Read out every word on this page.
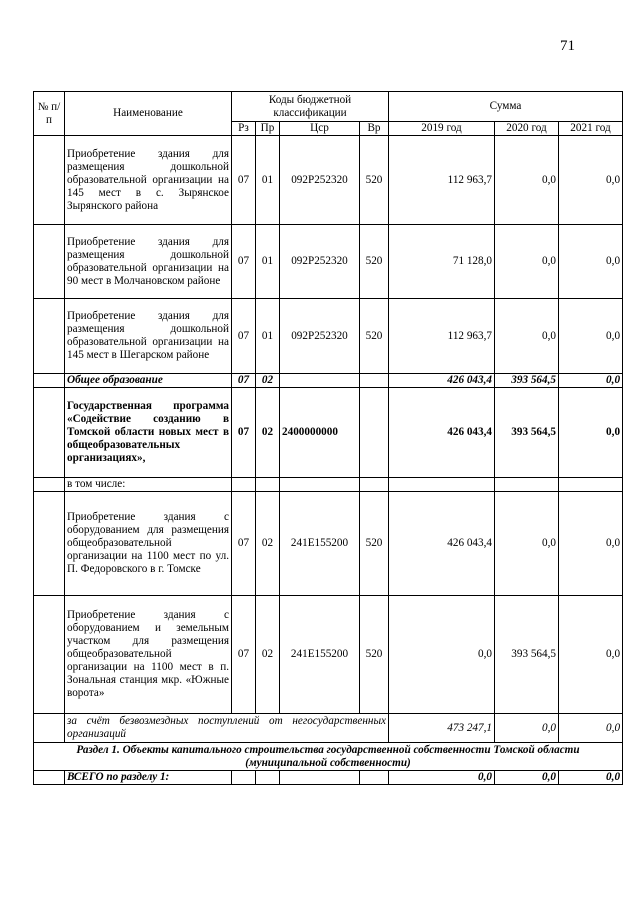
71
№ п/п	Наименование	Коды бюджетной классификации				Сумма		
		Рз	Пр	Цср	Вр	2019 год	2020 год	2021 год
	Приобретение здания для размещения дошкольной образовательной организации на 145 мест в с. Зырянское Зырянского района	07	01	092P252320	520	112 963,7	0,0	0,0
	Приобретение здания для размещения дошкольной образовательной организации на 90 мест в Молчановском районе	07	01	092P252320	520	71 128,0	0,0	0,0
	Приобретение здания для размещения дошкольной образовательной организации на 145 мест в Шегарском районе	07	01	092P252320	520	112 963,7	0,0	0,0
	Общее образование	07	02			426 043,4	393 564,5	0,0
	Государственная программа «Содействие созданию в Томской области новых мест в общеобразовательных организациях»,	07	02	2400000000		426 043,4	393 564,5	0,0
	в том числе:							
	Приобретение здания с оборудованием для размещения общеобразовательной организации на 1100 мест по ул. П. Федоровского в г. Томске	07	02	241E155200	520	426 043,4	0,0	0,0
	Приобретение здания с оборудованием и земельным участком для размещения общеобразовательной организации на 1100 мест в п. Зональная станция мкр. «Южные ворота»	07	02	241E155200	520	0,0	393 564,5	0,0
	за счёт безвозмездных поступлений от негосударственных организаций					473 247,1	0,0	0,0
Раздел 1. Объекты капитального строительства государственной собственности Томской области (муниципальной собственности)								
	ВСЕГО по разделу 1:					0,0	0,0	0,0
